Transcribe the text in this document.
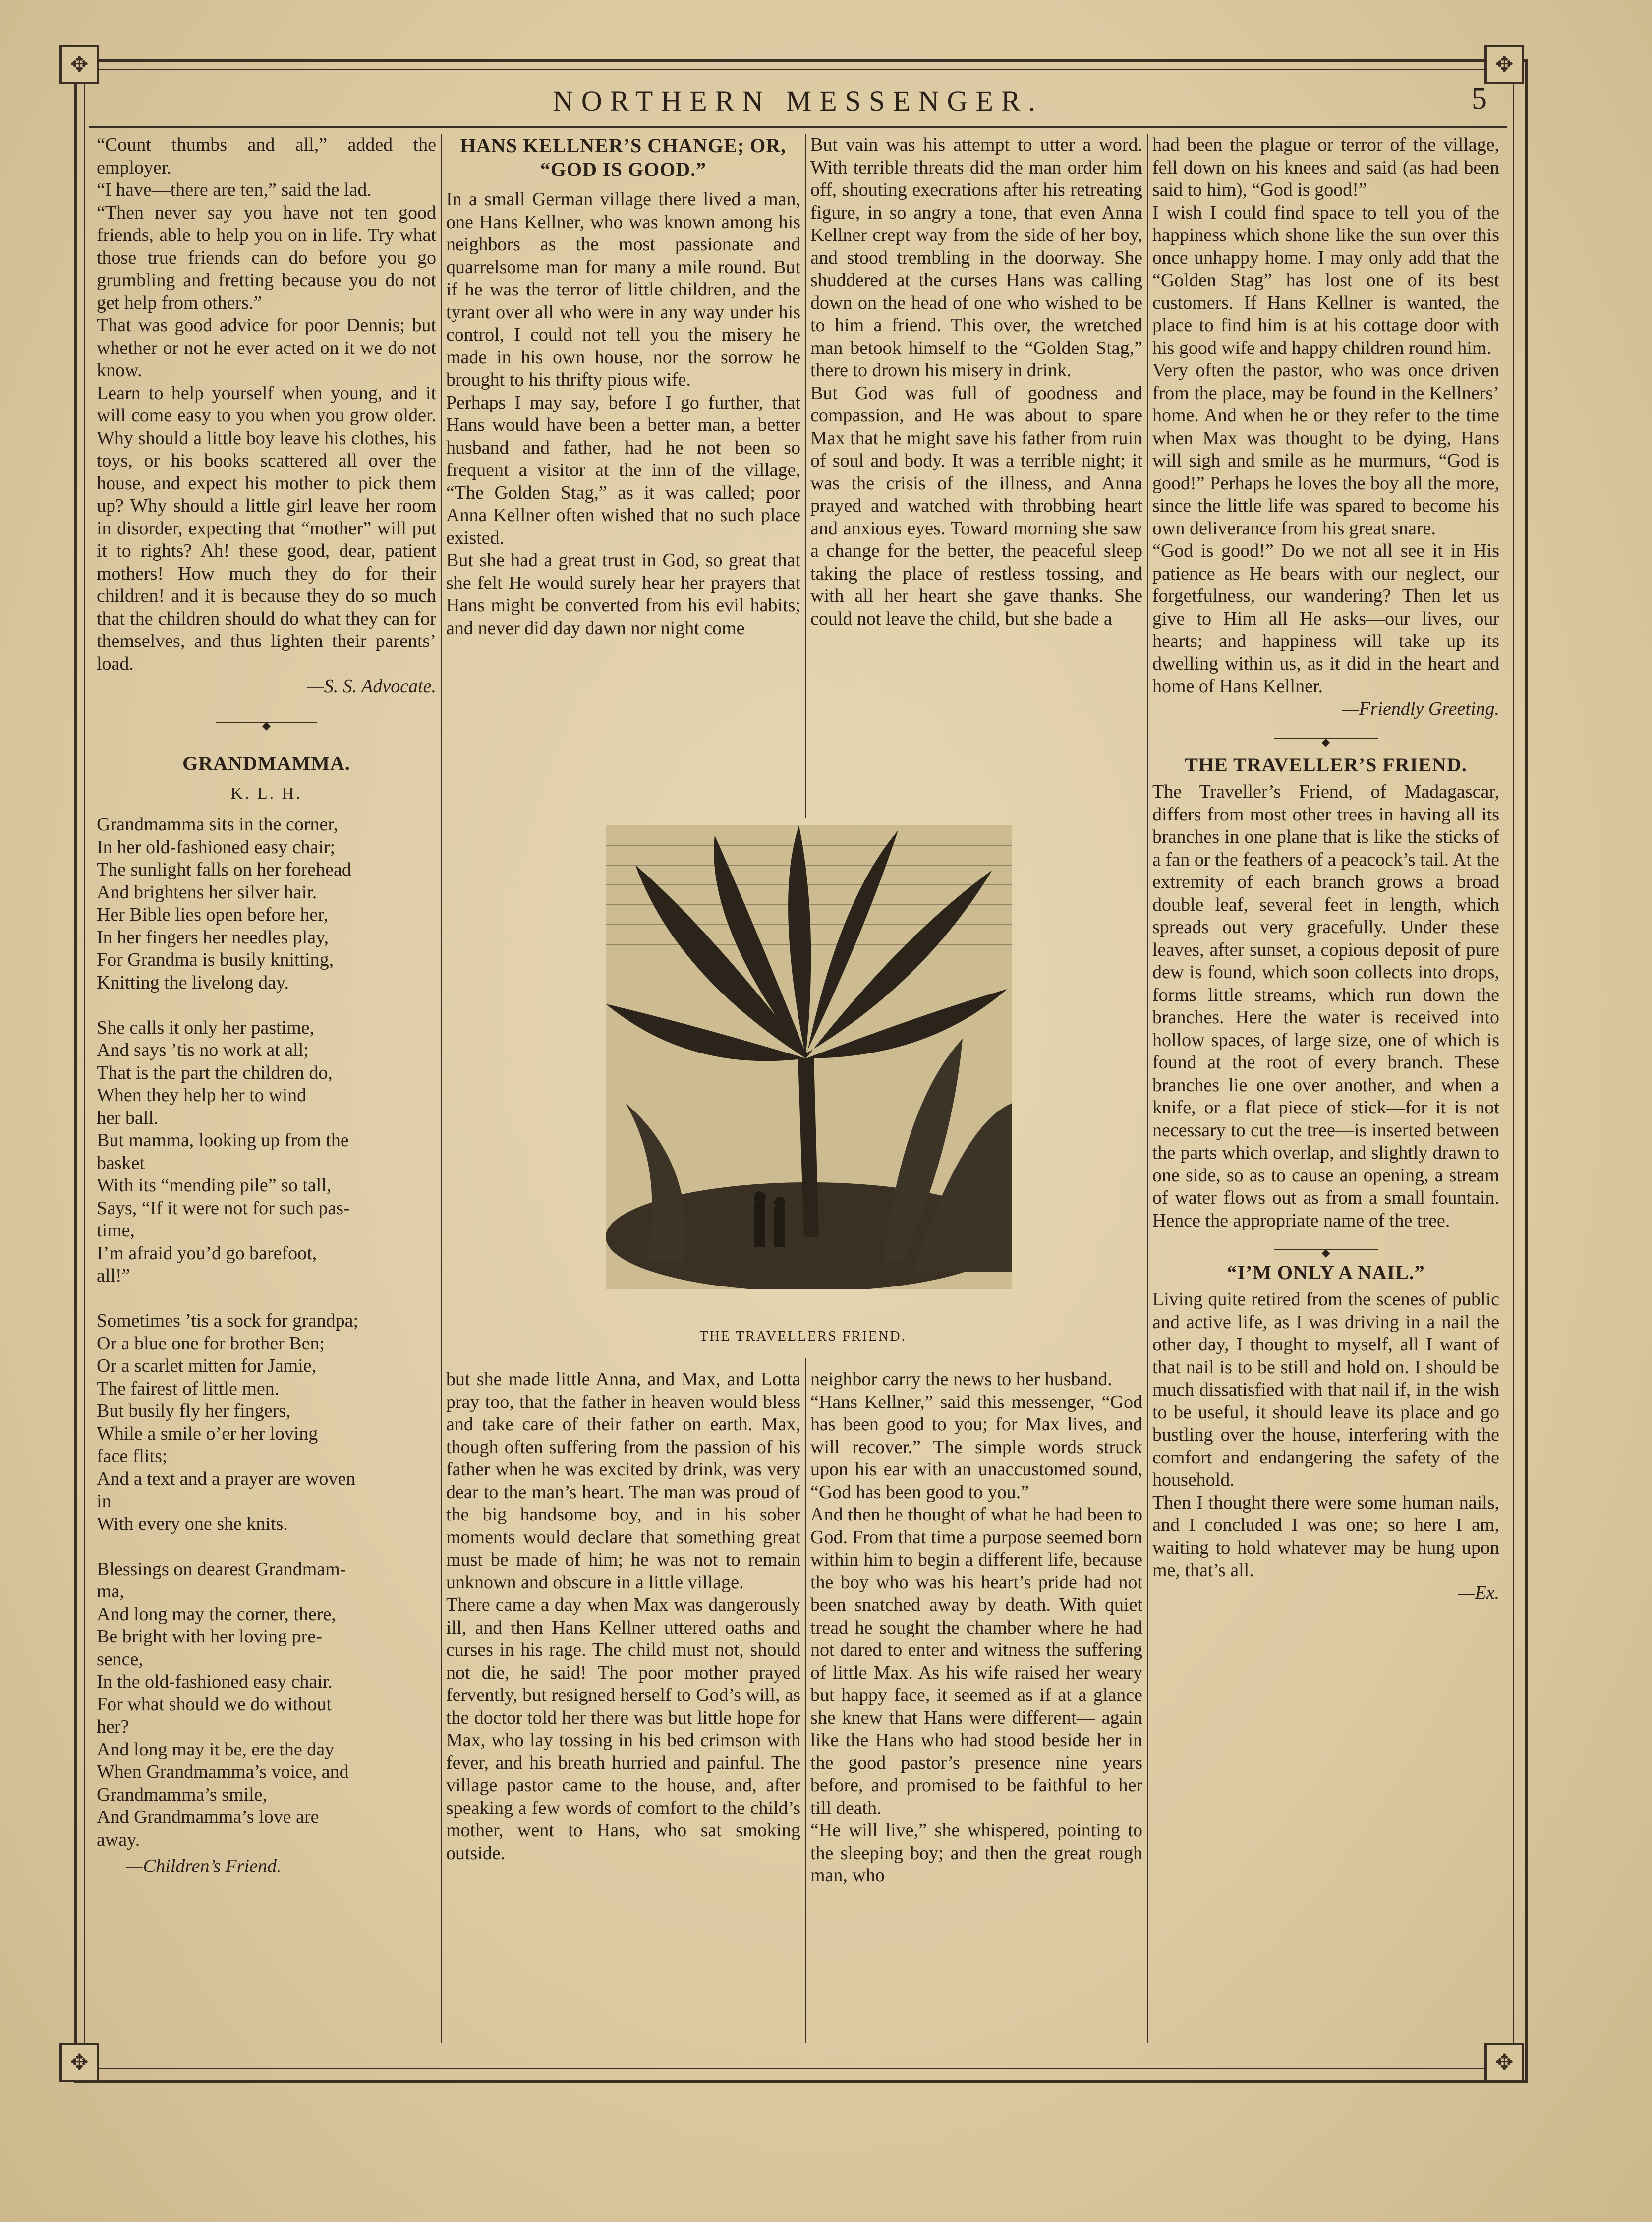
✥	✥
✥	✥
NORTHERN MESSENGER.	5

“Count thumbs and all,” added the employer.
“I have—there are ten,” said the lad.
“Then never say you have not ten good friends, able to help you on in life. Try what those true friends can do before you go grumbling and fretting because you do not get help from others.”
That was good advice for poor Dennis; but whether or not he ever acted on it we do not know.
Learn to help yourself when young, and it will come easy to you when you grow older. Why should a little boy leave his clothes, his toys, or his books scattered all over the house, and expect his mother to pick them up? Why should a little girl leave her room in disorder, expecting that “mother” will put it to rights? Ah! these good, dear, patient mothers! How much they do for their children! and it is because they do so much that the children should do what they can for themselves, and thus lighten their parents’ load.

—S. S. Advocate.
◆
GRANDMAMMA.
K. L. H.
Grandmamma sits in the corner,
In her old-fashioned easy chair;
The sunlight falls on her forehead
And brightens her silver hair.
Her Bible lies open before her,
In her fingers her needles play,
For Grandma is busily knitting,
Knitting the livelong day.

She calls it only her pastime,
And says ’tis no work at all;
That is the part the children do,
When they help her to wind
her ball.
But mamma, looking up from the
basket
With its “mending pile” so tall,
Says, “If it were not for such pas-
time,
I’m afraid you’d go barefoot,
all!”

Sometimes ’tis a sock for grandpa;
Or a blue one for brother Ben;
Or a scarlet mitten for Jamie,
The fairest of little men.
But busily fly her fingers,
While a smile o’er her loving
face flits;
And a text and a prayer are woven
in
With every one she knits.

Blessings on dearest Grandmam-
ma,
And long may the corner, there,
Be bright with her loving pre-
sence,
In the old-fashioned easy chair.
For what should we do without
her?
And long may it be, ere the day
When Grandmamma’s voice, and
Grandmamma’s smile,
And Grandmamma’s love are
away.
—Children’s Friend.
HANS KELLNER’S CHANGE; OR, “GOD IS GOOD.”

In a small German village there lived a man, one Hans Kellner, who was known among his neighbors as the most passionate and quarrelsome man for many a mile round. But if he was the terror of little children, and the tyrant over all who were in any way under his control, I could not tell you the misery he made in his own house, nor the sorrow he brought to his thrifty pious wife.
Perhaps I may say, before I go further, that Hans would have been a better man, a better husband and father, had he not been so frequent a visitor at the inn of the village, “The Golden Stag,” as it was called; poor Anna Kellner often wished that no such place existed.
But she had a great trust in God, so great that she felt He would surely hear her prayers that Hans might be converted from his evil habits; and never did day dawn nor night come

But vain was his attempt to utter a word. With terrible threats did the man order him off, shouting execrations after his retreating figure, in so angry a tone, that even Anna Kellner crept way from the side of her boy, and stood trembling in the doorway. She shuddered at the curses Hans was calling down on the head of one who wished to be to him a friend. This over, the wretched man betook himself to the “Golden Stag,” there to drown his misery in drink.
But God was full of goodness and compassion, and He was about to spare Max that he might save his father from ruin of soul and body. It was a terrible night; it was the crisis of the illness, and Anna prayed and watched with throbbing heart and anxious eyes. Toward morning she saw a change for the better, the peaceful sleep taking the place of restless tossing, and with all her heart she gave thanks. She could not leave the child, but she bade a

THE TRAVELLERS FRIEND.

but she made little Anna, and Max, and Lotta pray too, that the father in heaven would bless and take care of their father on earth. Max, though often suffering from the passion of his father when he was excited by drink, was very dear to the man’s heart. The man was proud of the big handsome boy, and in his sober moments would declare that something great must be made of him; he was not to remain unknown and obscure in a little village.
There came a day when Max was dangerously ill, and then Hans Kellner uttered oaths and curses in his rage. The child must not, should not die, he said! The poor mother prayed fervently, but resigned herself to God’s will, as the doctor told her there was but little hope for Max, who lay tossing in his bed crimson with fever, and his breath hurried and painful. The village pastor came to the house, and, after speaking a few words of comfort to the child’s mother, went to Hans, who sat smoking outside.

neighbor carry the news to her husband.
“Hans Kellner,” said this messenger, “God has been good to you; for Max lives, and will recover.” The simple words struck upon his ear with an unaccustomed sound, “God has been good to you.”
And then he thought of what he had been to God. From that time a purpose seemed born within him to begin a different life, because the boy who was his heart’s pride had not been snatched away by death. With quiet tread he sought the chamber where he had not dared to enter and witness the suffering of little Max. As his wife raised her weary but happy face, it seemed as if at a glance she knew that Hans were different— again like the Hans who had stood beside her in the good pastor’s presence nine years before, and promised to be faithful to her till death.
“He will live,” she whispered, pointing to the sleeping boy; and then the great rough man, who

had been the plague or terror of the village, fell down on his knees and said (as had been said to him), “God is good!”
I wish I could find space to tell you of the happiness which shone like the sun over this once unhappy home. I may only add that the “Golden Stag” has lost one of its best customers. If Hans Kellner is wanted, the place to find him is at his cottage door with his good wife and happy children round him.
Very often the pastor, who was once driven from the place, may be found in the Kellners’ home. And when he or they refer to the time when Max was thought to be dying, Hans will sigh and smile as he murmurs, “God is good!” Perhaps he loves the boy all the more, since the little life was spared to become his own deliverance from his great snare.
“God is good!” Do we not all see it in His patience as He bears with our neglect, our forgetfulness, our wandering? Then let us give to Him all He asks—our lives, our hearts; and happiness will take up its dwelling within us, as it did in the heart and home of Hans Kellner.

—Friendly Greeting.
◆
THE TRAVELLER’S FRIEND.

The Traveller’s Friend, of Madagascar, differs from most other trees in having all its branches in one plane that is like the sticks of a fan or the feathers of a peacock’s tail. At the extremity of each branch grows a broad double leaf, several feet in length, which spreads out very gracefully. Under these leaves, after sunset, a copious deposit of pure dew is found, which soon collects into drops, forms little streams, which run down the branches. Here the water is received into hollow spaces, of large size, one of which is found at the root of every branch. These branches lie one over another, and when a knife, or a flat piece of stick—for it is not necessary to cut the tree—is inserted between the parts which overlap, and slightly drawn to one side, so as to cause an opening, a stream of water flows out as from a small fountain. Hence the appropriate name of the tree.

◆
“I’M ONLY A NAIL.”

Living quite retired from the scenes of public and active life, as I was driving in a nail the other day, I thought to myself, all I want of that nail is to be still and hold on. I should be much dissatisfied with that nail if, in the wish to be useful, it should leave its place and go bustling over the house, interfering with the comfort and endangering the safety of the household.
Then I thought there were some human nails, and I concluded I was one; so here I am, waiting to hold whatever may be hung upon me, that’s all.

—Ex.
